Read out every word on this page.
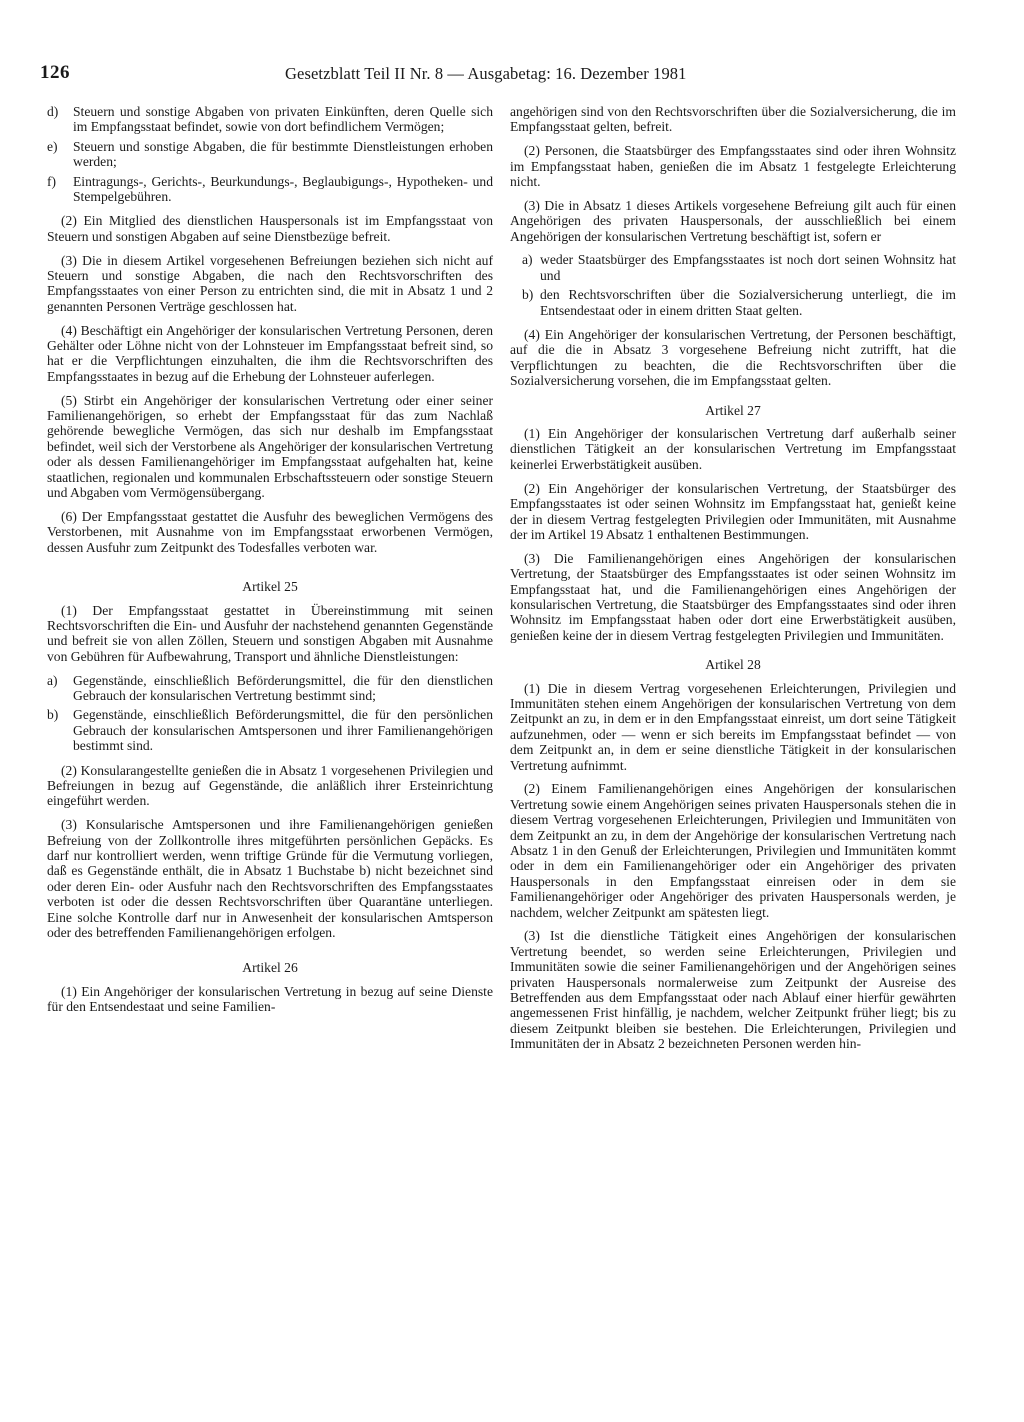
126	Gesetzblatt Teil II Nr. 8 — Ausgabetag: 16. Dezember 1981
d) Steuern und sonstige Abgaben von privaten Einkünften, deren Quelle sich im Empfangsstaat befindet, sowie von dort befindlichem Vermögen;
e) Steuern und sonstige Abgaben, die für bestimmte Dienstleistungen erhoben werden;
f) Eintragungs-, Gerichts-, Beurkundungs-, Beglaubigungs-, Hypotheken- und Stempelgebühren.

(2) Ein Mitglied des dienstlichen Hauspersonals ist im Empfangsstaat von Steuern und sonstigen Abgaben auf seine Dienstbezüge befreit.

(3) Die in diesem Artikel vorgesehenen Befreiungen beziehen sich nicht auf Steuern und sonstige Abgaben, die nach den Rechtsvorschriften des Empfangsstaates von einer Person zu entrichten sind, die mit in Absatz 1 und 2 genannten Personen Verträge geschlossen hat.

(4) Beschäftigt ein Angehöriger der konsularischen Vertretung Personen, deren Gehälter oder Löhne nicht von der Lohnsteuer im Empfangsstaat befreit sind, so hat er die Verpflichtungen einzuhalten, die ihm die Rechtsvorschriften des Empfangsstaates in bezug auf die Erhebung der Lohnsteuer auferlegen.

(5) Stirbt ein Angehöriger der konsularischen Vertretung oder einer seiner Familienangehörigen, so erhebt der Empfangsstaat für das zum Nachlaß gehörende bewegliche Vermögen, das sich nur deshalb im Empfangsstaat befindet, weil sich der Verstorbene als Angehöriger der konsularischen Vertretung oder als dessen Familienangehöriger im Empfangsstaat aufgehalten hat, keine staatlichen, regionalen und kommunalen Erbschaftssteuern oder sonstige Steuern und Abgaben vom Vermögensübergang.

(6) Der Empfangsstaat gestattet die Ausfuhr des beweglichen Vermögens des Verstorbenen, mit Ausnahme von im Empfangsstaat erworbenen Vermögen, dessen Ausfuhr zum Zeitpunkt des Todesfalles verboten war.

Artikel 25

(1) Der Empfangsstaat gestattet in Übereinstimmung mit seinen Rechtsvorschriften die Ein- und Ausfuhr der nachstehend genannten Gegenstände und befreit sie von allen Zöllen, Steuern und sonstigen Abgaben mit Ausnahme von Gebühren für Aufbewahrung, Transport und ähnliche Dienstleistungen:

a) Gegenstände, einschließlich Beförderungsmittel, die für den dienstlichen Gebrauch der konsularischen Vertretung bestimmt sind;
b) Gegenstände, einschließlich Beförderungsmittel, die für den persönlichen Gebrauch der konsularischen Amtspersonen und ihrer Familienangehörigen bestimmt sind.

(2) Konsularangestellte genießen die in Absatz 1 vorgesehenen Privilegien und Befreiungen in bezug auf Gegenstände, die anläßlich ihrer Ersteinrichtung eingeführt werden.

(3) Konsularische Amtspersonen und ihre Familienangehörigen genießen Befreiung von der Zollkontrolle ihres mitgeführten persönlichen Gepäcks. Es darf nur kontrolliert werden, wenn triftige Gründe für die Vermutung vorliegen, daß es Gegenstände enthält, die in Absatz 1 Buchstabe b) nicht bezeichnet sind oder deren Ein- oder Ausfuhr nach den Rechtsvorschriften des Empfangsstaates verboten ist oder die dessen Rechtsvorschriften über Quarantäne unterliegen. Eine solche Kontrolle darf nur in Anwesenheit der konsularischen Amtsperson oder des betreffenden Familienangehörigen erfolgen.

Artikel 26

(1) Ein Angehöriger der konsularischen Vertretung in bezug auf seine Dienste für den Entsendestaat und seine Familien-

angehörigen sind von den Rechtsvorschriften über die Sozialversicherung, die im Empfangsstaat gelten, befreit.

(2) Personen, die Staatsbürger des Empfangsstaates sind oder ihren Wohnsitz im Empfangsstaat haben, genießen die im Absatz 1 festgelegte Erleichterung nicht.

(3) Die in Absatz 1 dieses Artikels vorgesehene Befreiung gilt auch für einen Angehörigen des privaten Hauspersonals, der ausschließlich bei einem Angehörigen der konsularischen Vertretung beschäftigt ist, sofern er

a) weder Staatsbürger des Empfangsstaates ist noch dort seinen Wohnsitz hat und
b) den Rechtsvorschriften über die Sozialversicherung unterliegt, die im Entsendestaat oder in einem dritten Staat gelten.

(4) Ein Angehöriger der konsularischen Vertretung, der Personen beschäftigt, auf die die in Absatz 3 vorgesehene Befreiung nicht zutrifft, hat die Verpflichtungen zu beachten, die die Rechtsvorschriften über die Sozialversicherung vorsehen, die im Empfangsstaat gelten.

Artikel 27

(1) Ein Angehöriger der konsularischen Vertretung darf außerhalb seiner dienstlichen Tätigkeit an der konsularischen Vertretung im Empfangsstaat keinerlei Erwerbstätigkeit ausüben.

(2) Ein Angehöriger der konsularischen Vertretung, der Staatsbürger des Empfangsstaates ist oder seinen Wohnsitz im Empfangsstaat hat, genießt keine der in diesem Vertrag festgelegten Privilegien oder Immunitäten, mit Ausnahme der im Artikel 19 Absatz 1 enthaltenen Bestimmungen.

(3) Die Familienangehörigen eines Angehörigen der konsularischen Vertretung, der Staatsbürger des Empfangsstaates ist oder seinen Wohnsitz im Empfangsstaat hat, und die Familienangehörigen eines Angehörigen der konsularischen Vertretung, die Staatsbürger des Empfangsstaates sind oder ihren Wohnsitz im Empfangsstaat haben oder dort eine Erwerbstätigkeit ausüben, genießen keine der in diesem Vertrag festgelegten Privilegien und Immunitäten.

Artikel 28

(1) Die in diesem Vertrag vorgesehenen Erleichterungen, Privilegien und Immunitäten stehen einem Angehörigen der konsularischen Vertretung von dem Zeitpunkt an zu, in dem er in den Empfangsstaat einreist, um dort seine Tätigkeit aufzunehmen, oder — wenn er sich bereits im Empfangsstaat befindet — von dem Zeitpunkt an, in dem er seine dienstliche Tätigkeit in der konsularischen Vertretung aufnimmt.

(2) Einem Familienangehörigen eines Angehörigen der konsularischen Vertretung sowie einem Angehörigen seines privaten Hauspersonals stehen die in diesem Vertrag vorgesehenen Erleichterungen, Privilegien und Immunitäten von dem Zeitpunkt an zu, in dem der Angehörige der konsularischen Vertretung nach Absatz 1 in den Genuß der Erleichterungen, Privilegien und Immunitäten kommt oder in dem ein Familienangehöriger oder ein Angehöriger des privaten Hauspersonals in den Empfangsstaat einreisen oder in dem sie Familienangehöriger oder Angehöriger des privaten Hauspersonals werden, je nachdem, welcher Zeitpunkt am spätesten liegt.

(3) Ist die dienstliche Tätigkeit eines Angehörigen der konsularischen Vertretung beendet, so werden seine Erleichterungen, Privilegien und Immunitäten sowie die seiner Familienangehörigen und der Angehörigen seines privaten Hauspersonals normalerweise zum Zeitpunkt der Ausreise des Betreffenden aus dem Empfangsstaat oder nach Ablauf einer hierfür gewährten angemessenen Frist hinfällig, je nachdem, welcher Zeitpunkt früher liegt; bis zu diesem Zeitpunkt bleiben sie bestehen. Die Erleichterungen, Privilegien und Immunitäten der in Absatz 2 bezeichneten Personen werden hin-
